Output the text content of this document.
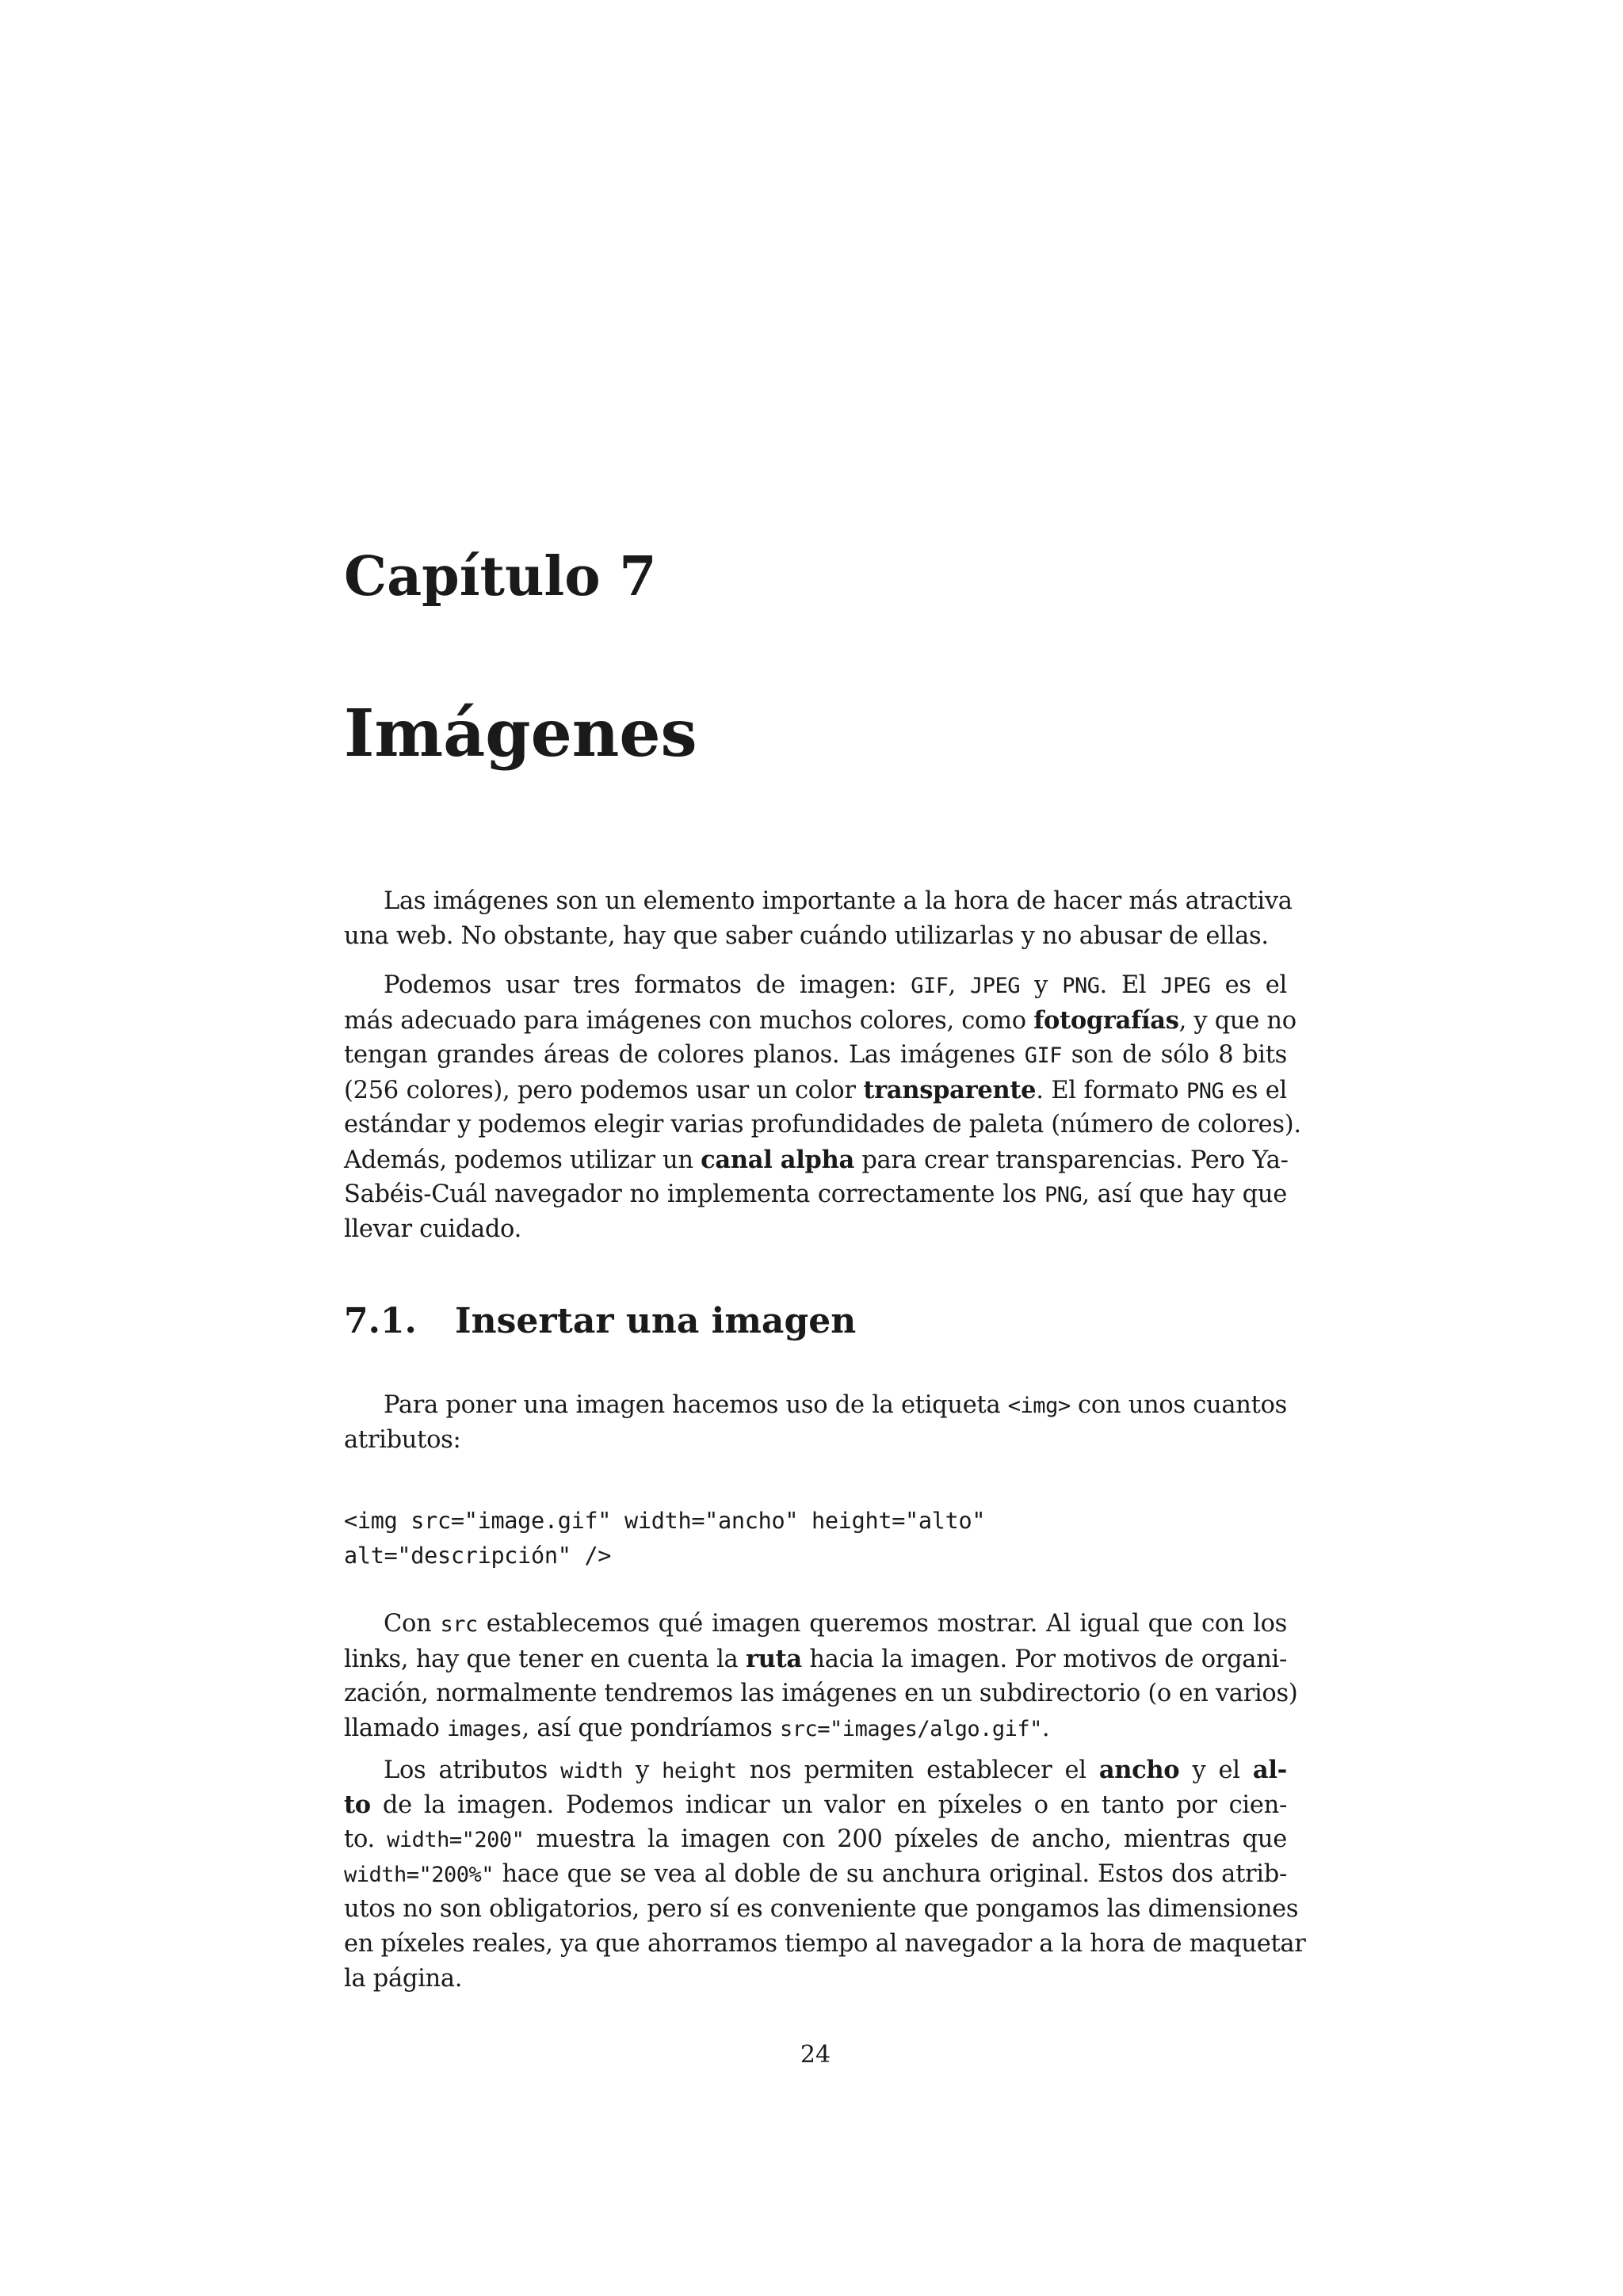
Capítulo 7
Imágenes
Las imágenes son un elemento importante a la hora de hacer más atractiva
una web. No obstante, hay que saber cuándo utilizarlas y no abusar de ellas.
Podemos usar tres formatos de imagen: GIF, JPEG y PNG. El JPEG es el
más adecuado para imágenes con muchos colores, como fotografías, y que no
tengan grandes áreas de colores planos. Las imágenes GIF son de sólo 8 bits
(256 colores), pero podemos usar un color transparente. El formato PNG es el
estándar y podemos elegir varias profundidades de paleta (número de colores).
Además, podemos utilizar un canal alpha para crear transparencias. Pero Ya-
Sabéis-Cuál navegador no implementa correctamente los PNG, así que hay que
llevar cuidado.
7.1. Insertar una imagen
Para poner una imagen hacemos uso de la etiqueta <img> con unos cuantos
atributos:
<img src="image.gif" width="ancho" height="alto"
alt="descripción" />
Con src establecemos qué imagen queremos mostrar. Al igual que con los
links, hay que tener en cuenta la ruta hacia la imagen. Por motivos de organi-
zación, normalmente tendremos las imágenes en un subdirectorio (o en varios)
llamado images, así que pondríamos src="images/algo.gif".
Los atributos width y height nos permiten establecer el ancho y el al-
to de la imagen. Podemos indicar un valor en píxeles o en tanto por cien-
to. width="200" muestra la imagen con 200 píxeles de ancho, mientras que
width="200%" hace que se vea al doble de su anchura original. Estos dos atrib-
utos no son obligatorios, pero sí es conveniente que pongamos las dimensiones
en píxeles reales, ya que ahorramos tiempo al navegador a la hora de maquetar
la página.
24
